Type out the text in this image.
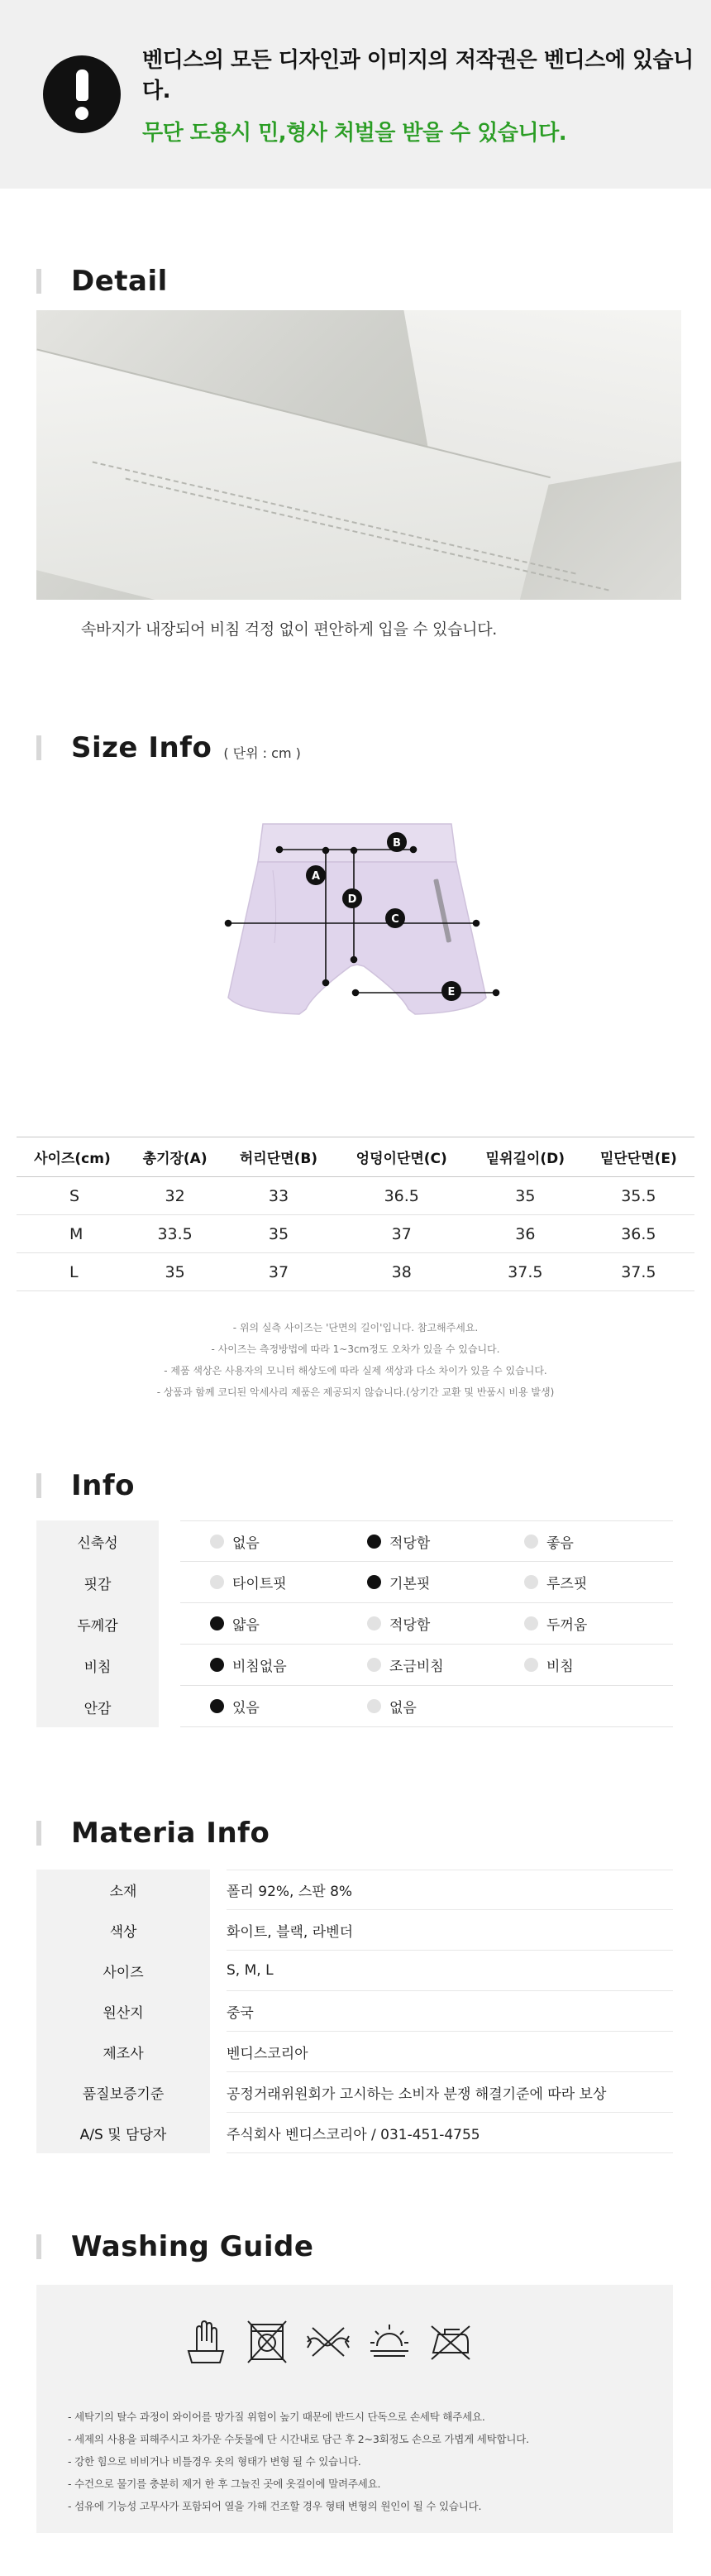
벤디스의 모든 디자인과 이미지의 저작권은 벤디스에 있습니다.
무단 도용시 민,형사 처벌을 받을 수 있습니다.
Detail
속바지가 내장되어 비침 걱정 없이 편안하게 입을 수 있습니다.
Size Info ( 단위 : cm )
B
A
D
C
E
사이즈(cm)	총기장(A)	허리단면(B)	엉덩이단면(C)	밑위길이(D)	밑단단면(E)
S	32	33	36.5	35	35.5
M	33.5	35	37	36	36.5
L	35	37	38	37.5	37.5
- 위의 실측 사이즈는 '단면의 길이'입니다. 참고해주세요.
- 사이즈는 측정방법에 따라 1~3cm정도 오차가 있을 수 있습니다.
- 제품 색상은 사용자의 모니터 해상도에 따라 실제 색상과 다소 차이가 있을 수 있습니다.
- 상품과 함께 코디된 악세사리 제품은 제공되지 않습니다.(상기간 교환 및 반품시 비용 발생)
Info
신축성	없음	적당함	좋음
핏감	타이트핏	기본핏	루즈핏
두께감	얇음	적당함	두꺼움
비침	비침없음	조금비침	비침
안감	있음	없음
Materia Info
소재	폴리 92%, 스판 8%
색상	화이트, 블랙, 라벤더
사이즈	S, M, L
원산지	중국
제조사	벤디스코리아
품질보증기준	공정거래위원회가 고시하는 소비자 분쟁 해결기준에 따라 보상
A/S 및 담당자	주식회사 벤디스코리아 / 031-451-4755
Washing Guide
- 세탁기의 탈수 과정이 와이어를 망가질 위험이 높기 때문에 반드시 단독으로 손세탁 해주세요.
- 세제의 사용을 피해주시고 차가운 수돗물에 단 시간내로 담근 후 2~3회정도 손으로 가볍게 세탁합니다.
- 강한 힘으로 비비거나 비틀경우 옷의 형태가 변형 될 수 있습니다.
- 수건으로 물기를 충분히 제거 한 후 그늘진 곳에 옷걸이에 말려주세요.
- 섬유에 기능성 고무사가 포함되어 열을 가해 건조할 경우 형태 변형의 원인이 될 수 있습니다.
